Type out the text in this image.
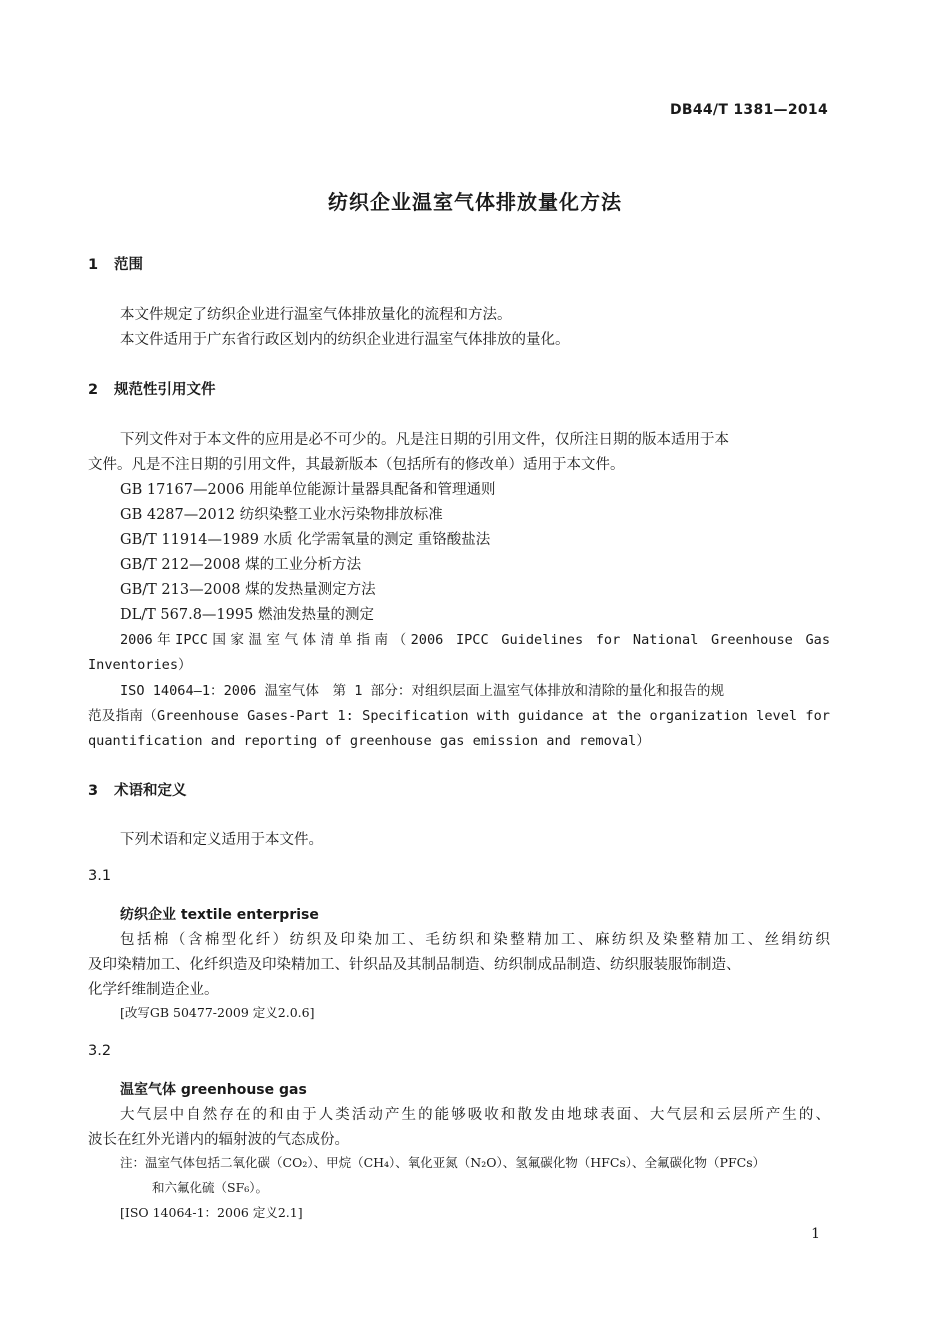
DB44/T 1381—2014
纺织企业温室气体排放量化方法
1 范围
本文件规定了纺织企业进行温室气体排放量化的流程和方法。
本文件适用于广东省行政区划内的纺织企业进行温室气体排放的量化。
2 规范性引用文件
下列文件对于本文件的应用是必不可少的。凡是注日期的引用文件，仅所注日期的版本适用于本
文件。凡是不注日期的引用文件，其最新版本（包括所有的修改单）适用于本文件。
GB 17167—2006 用能单位能源计量器具配备和管理通则
GB 4287—2012 纺织染整工业水污染物排放标准
GB/T 11914—1989 水质 化学需氧量的测定 重铬酸盐法
GB/T 212—2008 煤的工业分析方法
GB/T 213—2008 煤的发热量测定方法
DL/T 567.8—1995 燃油发热量的测定
2006年IPCC国家温室气体清单指南（2006 IPCC Guidelines for National Greenhouse Gas
Inventories）
ISO 14064—1：2006 温室气体　第 1 部分：对组织层面上温室气体排放和清除的量化和报告的规
范及指南（Greenhouse Gases-Part 1: Specification with guidance at the organization level for
quantification and reporting of greenhouse gas emission and removal）
3 术语和定义
下列术语和定义适用于本文件。
3.1
纺织企业 textile enterprise
包括棉（含棉型化纤）纺织及印染加工、毛纺织和染整精加工、麻纺织及染整精加工、丝绢纺织
及印染精加工、化纤织造及印染精加工、针织品及其制品制造、纺织制成品制造、纺织服装服饰制造、
化学纤维制造企业。
[改写GB 50477-2009 定义2.0.6]
3.2
温室气体 greenhouse gas
大气层中自然存在的和由于人类活动产生的能够吸收和散发由地球表面、大气层和云层所产生的、
波长在红外光谱内的辐射波的气态成份。
注：温室气体包括二氧化碳（CO₂）、甲烷（CH₄）、氧化亚氮（N₂O）、氢氟碳化物（HFCs）、全氟碳化物（PFCs）
和六氟化硫（SF₆）。
[ISO 14064-1：2006 定义2.1]
1
